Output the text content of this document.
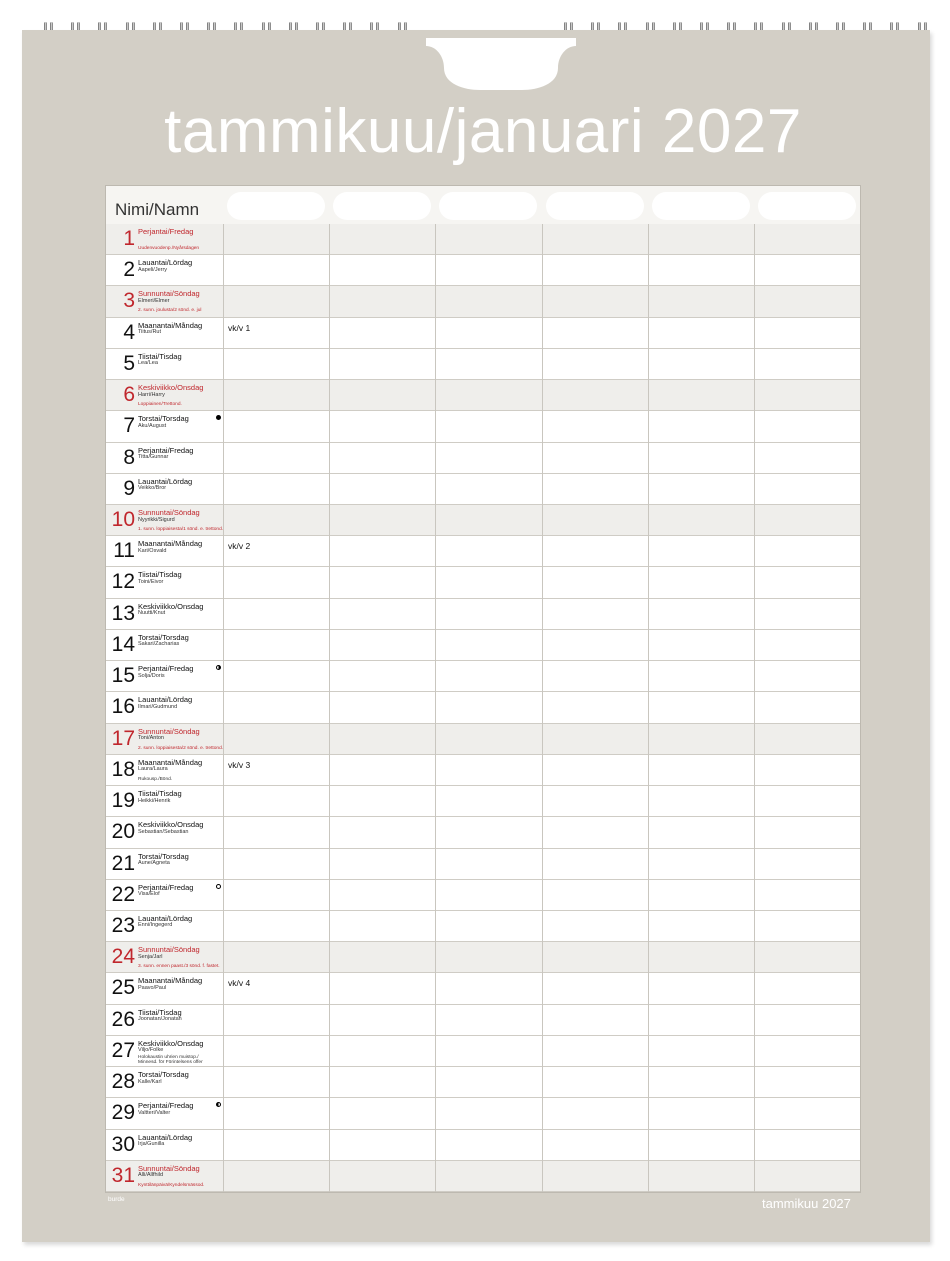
tammikuu/januari 2027
Nimi/Namn
1 Perjantai/Fredag
Uudenvuodenp./Nyårsdagen
2 Lauantai/Lördag
Aapeli/Jerry
3 Sunnuntai/Söndag
Elmeri/Elmer
2. sunn. joulusta/2 sönd. e. jul
4 Maanantai/Måndag
Tiitus/Rut	vk/v 1
5 Tiistai/Tisdag
Lea/Lea
6 Keskiviikko/Onsdag
Harri/Harry
Loppiainen/Trettond.
7 Torstai/Torsdag
Aku/August
8 Perjantai/Fredag
Titta/Gunnar
9 Lauantai/Lördag
Veikko/Bror
10 Sunnuntai/Söndag
Nyyrikki/Sigurd
1. sunn. loppiaisesta/1 sönd. e. trettond.
11 Maanantai/Måndag
Kari/Osvald	vk/v 2
12 Tiistai/Tisdag
Toini/Eivor
13 Keskiviikko/Onsdag
Nuutti/Knut
14 Torstai/Torsdag
Sakari/Zacharias
15 Perjantai/Fredag
Solja/Doris
16 Lauantai/Lördag
Ilmari/Gudmund
17 Sunnuntai/Söndag
Toni/Anton
2. sunn. loppiaisesta/2 sönd. e. trettond.
18 Maanantai/Måndag
Laura/Laura
Rukousp./Bönd.
vk/v 3
19 Tiistai/Tisdag
Heikki/Henrik
20 Keskiviikko/Onsdag
Sebastian/Sebastian
21 Torstai/Torsdag
Aune/Agneta
22 Perjantai/Fredag
Visa/Elof
23 Lauantai/Lördag
Enni/Ingegerd
24 Sunnuntai/Söndag
Senja/Jarl
3. sunn. ennen paast./3 sönd. f. fastet.
25 Maanantai/Måndag
Paavo/Paul	vk/v 4
26 Tiistai/Tisdag
Joonatan/Jonatan
27 Keskiviikko/Onsdag
Viljo/Folke
Holokaustin uhrien muistop./ Minnesd. för Förintelsens offer
28 Torstai/Torsdag
Kalle/Karl
29 Perjantai/Fredag
Valtteri/Valter
30 Lauantai/Lördag
Irja/Gunilla
31 Sunnuntai/Söndag
Alli/Allfhild
Kynttilänpäivä/Kyndelsmässod.
burde	tammikuu 2027
